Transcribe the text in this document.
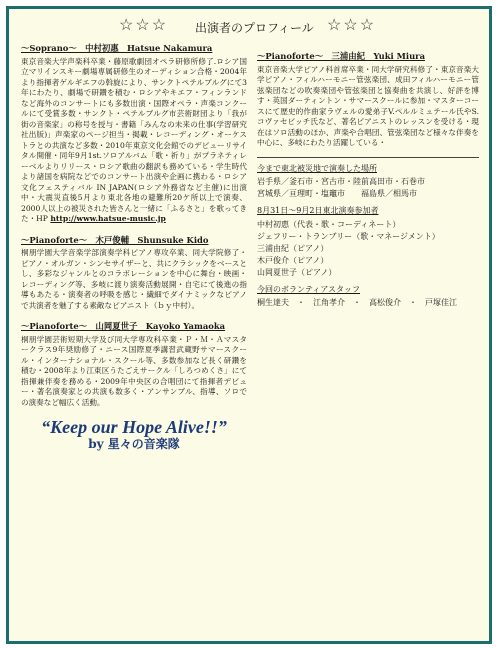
☆☆☆ 出演者のプロフィール ☆☆☆

～Soprano～　中村初惠　Hatsue Nakamura

東京音楽大学声楽科卒業・藤原歌劇団オペラ研修所修了.ロシア国立マリインスキー劇場専属研修生のオーディション合格・2004年より指揮者ゲルギエフの斡旋により、サンクトペテルブルグにて3年にわたり、劇場で研鑽を積む・ロシアやキエフ・フィンランドなど海外のコンサートにも多数出演・国際オペラ・声楽コンクールにて受賞多数・サンクト・ペテルブルグ市芸術財団より「我が街の音楽家」の称号を授与・書籍「みんなの未来の仕事(学習研究社出版)」声楽家のページ担当・掲載・レコーディング・オーケストラとの共演など多数・2010年東京文化会館でのデビューリサイタル開催・同年9月1st.ソロアルバム「歌・祈り」がプラネティレーベルよりリリース・ロシア歌曲の翻訳も務めている・学生時代より諸国を病院などでのコンサート出演や企画に携わる・ロシア文化フェスティバル IN JAPAN(ロシア外務省など主催)に出演中・大震災直後5月より東北各地の避難所20ケ所以上で演奏、2000人以上の被災された皆さんと一緒に「ふるさと」を歌ってきた・HP http://www.hatsue-music.jp

～Pianoforte～　木戸俊輔　Shunsuke Kido

桐朋学園大学音楽学部演奏学科ピアノ専攻卒業、同大学院修了・ピアノ・オルガン・シンセサイザーと、共にクラシックをベースとし、多彩なジャンルとのコラボレーションを中心に舞台・映画・レコーディング等、多岐に渡り演奏活動展開・自宅にて後進の指導もあたる・演奏者の呼吸を感じ・繊細でダイナミックなピアノで共演者を魅了する素敵なピアニスト（ｂｙ中村）。

～Pianoforte～　山岡夏世子　Kayoko Yamaoka

桐朋学園芸術短期大学及び同大学専攻科卒業・Ｐ・Ｍ・Ａマスタークラス9年奨励修了・ニース国際夏季講習武蔵野サマースクール・インターナショナル・スクール等、多数参加など長く研鑽を積む・2008年より江東区うたごえサークル「しろつめくさ」にて指揮兼伴奏を務める・2009年中央区の合唱団にて指揮者デビュー・著名演奏家との共演も数多く・アンサンブル、指導、ソロでの演奏など幅広く活動。

“Keep our Hope Alive!!”
by 星々の音楽隊

～Pianoforte～　三浦由紀　Yuki Miura

東京音楽大学ピアノ科首席卒業・同大学研究科修了・東京音楽大学ピアノ・フィルハーモニー管弦楽団、成田フィルハーモニー管弦楽団などの吹奏楽団や管弦楽団と協奏曲を共演し、好評を博す・英国ダーティントン・サマースクールに参加・マスターコースにて歴史的作曲家ラヴェルの愛弟子V.ペルルミュテール氏やS.コヴァセビッチ氏など、著名ピアニストのレッスンを受ける・現在はソロ活動のほか、声楽や合唱団、管弦楽団など様々な伴奏を中心に、多岐にわたり活躍している・

今まで東北被災地で演奏した場所

岩手県／釜石市・宮古市・陸前高田市・石巻市

宮城県／亘理町・塩竈市　　福島県／相馬市

8月31日～9月2日東北演奏参加者

中村初惠（代表・歌・コーディネート）

ジェフリー・トランブリー（歌・マネージメント）

三浦由紀（ピアノ）

木戸俊介（ピアノ）

山岡夏世子（ピアノ）

今回のボランティアスタッフ

桐生達夫　・　江角孝介　・　高松俊介　・　戸塚佳江
